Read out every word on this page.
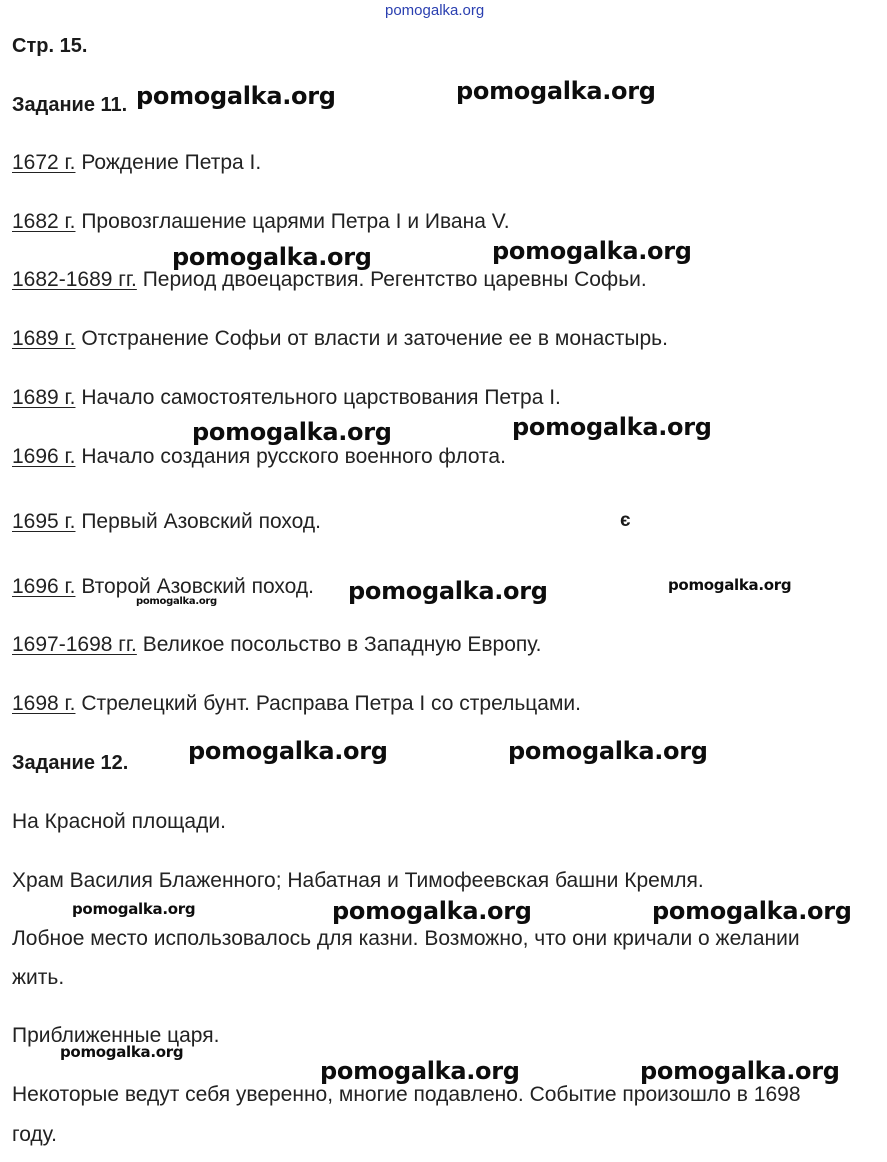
pomogalka.org
Стр. 15.
Задание 11.
1672 г. Рождение Петра I.
1682 г. Провозглашение царями Петра I и Ивана V.
1682-1689 гг. Период двоецарствия. Регентство царевны Софьи.
1689 г. Отстранение Софьи от власти и заточение ее в монастырь.
1689 г. Начало самостоятельного царствования Петра I.
1696 г. Начало создания русского военного флота.
1695 г. Первый Азовский поход.
1696 г. Второй Азовский поход.
1697-1698 гг. Великое посольство в Западную Европу.
1698 г. Стрелецкий бунт. Расправа Петра I со стрельцами.
є
Задание 12.
На Красной площади.
Храм Василия Блаженного; Набатная и Тимофеевская башни Кремля.
Лобное место использовалось для казни. Возможно, что они кричали о желании
жить.
Приближенные царя.
Некоторые ведут себя уверенно, многие подавлено. Событие произошло в 1698
году.
pomogalka.org	pomogalka.org
pomogalka.org	pomogalka.org
pomogalka.org	pomogalka.org
pomogalka.org	pomogalka.org
pomogalka.org
pomogalka.org	pomogalka.org
pomogalka.org	pomogalka.org	pomogalka.org
pomogalka.org
pomogalka.org	pomogalka.org
